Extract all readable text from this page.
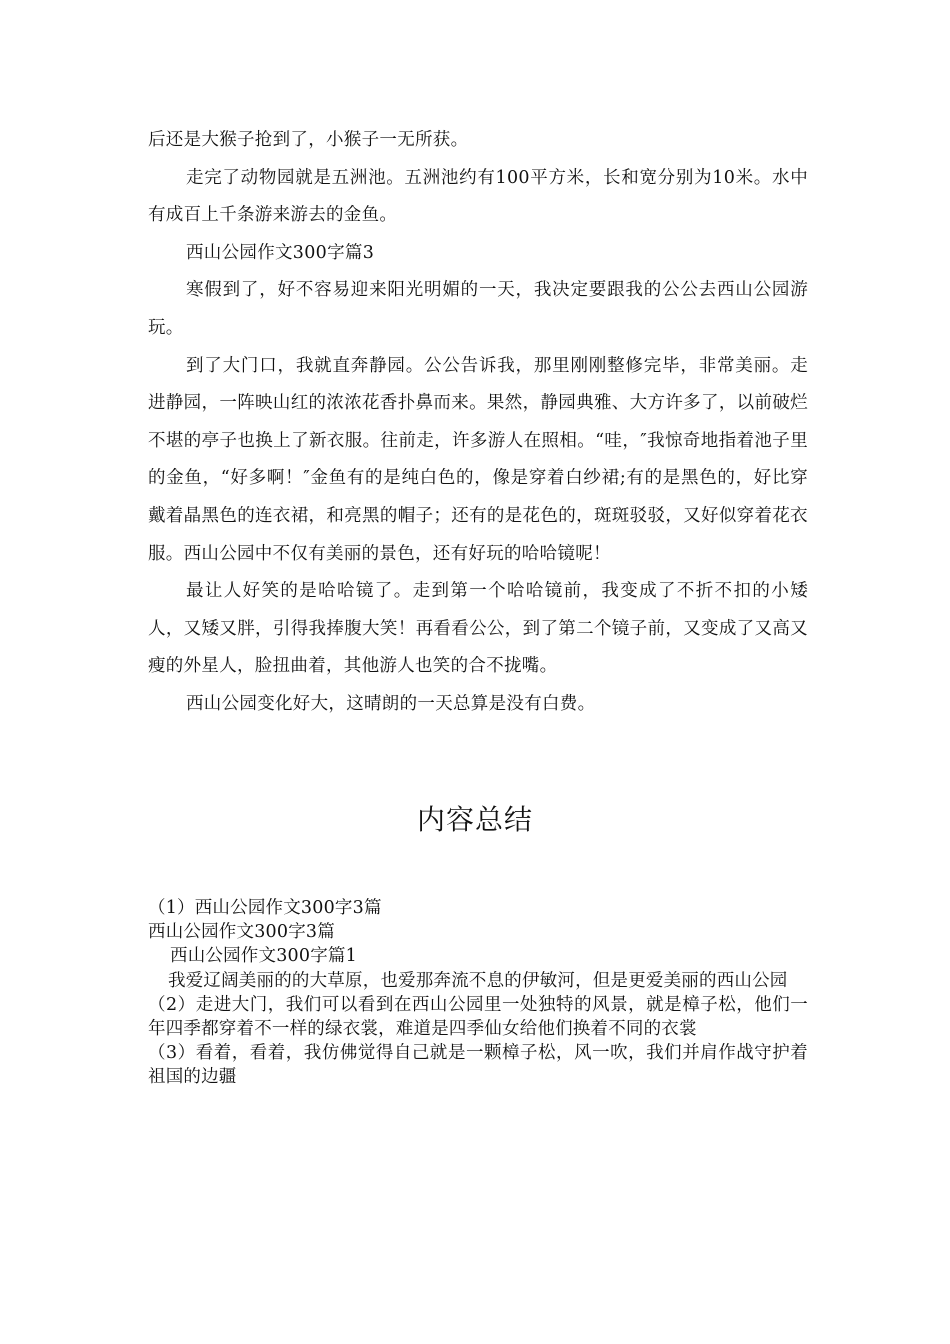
后还是大猴子抢到了，小猴子一无所获。

走完了动物园就是五洲池。五洲池约有100平方米，长和宽分别为10米。水中有成百上千条游来游去的金鱼。

西山公园作文300字篇3

寒假到了，好不容易迎来阳光明媚的一天，我决定要跟我的公公去西山公园游玩。

到了大门口，我就直奔静园。公公告诉我，那里刚刚整修完毕，非常美丽。走进静园，一阵映山红的浓浓花香扑鼻而来。果然，静园典雅、大方许多了，以前破烂不堪的亭子也换上了新衣服。往前走，许多游人在照相。“哇，″我惊奇地指着池子里的金鱼，“好多啊！″金鱼有的是纯白色的，像是穿着白纱裙;有的是黑色的，好比穿戴着晶黑色的连衣裙，和亮黑的帽子；还有的是花色的，斑斑驳驳，又好似穿着花衣服。西山公园中不仅有美丽的景色，还有好玩的哈哈镜呢！

最让人好笑的是哈哈镜了。走到第一个哈哈镜前，我变成了不折不扣的小矮人，又矮又胖，引得我捧腹大笑！再看看公公，到了第二个镜子前，又变成了又高又瘦的外星人，脸扭曲着，其他游人也笑的合不拢嘴。

西山公园变化好大，这晴朗的一天总算是没有白费。

内容总结

（1）西山公园作文300字3篇

西山公园作文300字3篇

西山公园作文300字篇1

我爱辽阔美丽的的大草原，也爱那奔流不息的伊敏河，但是更爱美丽的西山公园

（2）走进大门，我们可以看到在西山公园里一处独特的风景，就是樟子松，他们一年四季都穿着不一样的绿衣裳，难道是四季仙女给他们换着不同的衣裳

（3）看着，看着，我仿佛觉得自己就是一颗樟子松，风一吹，我们并肩作战守护着祖国的边疆
